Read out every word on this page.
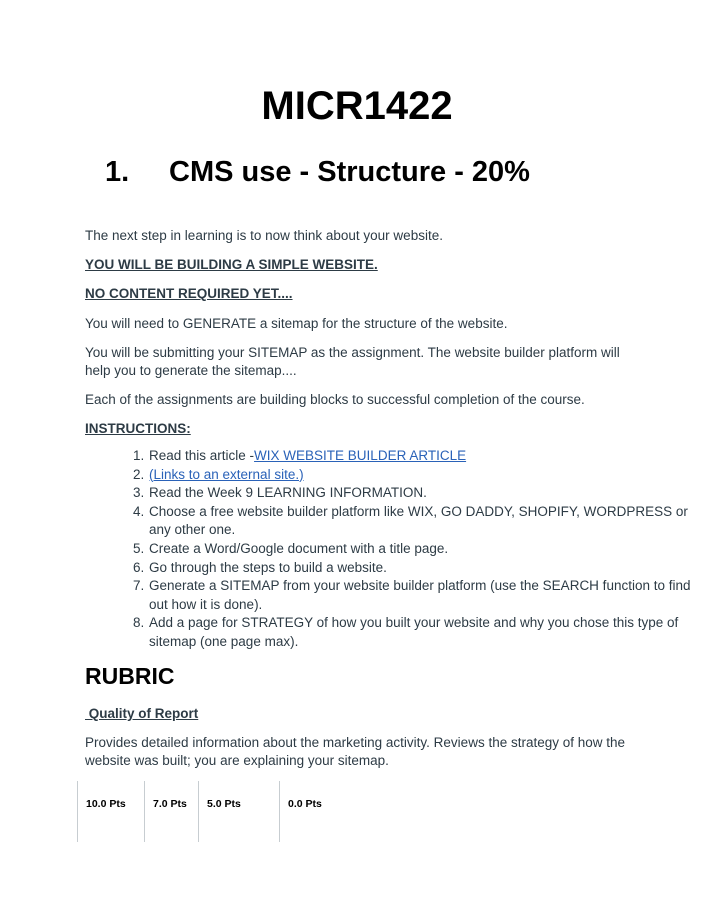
MICR1422
1. CMS use - Structure - 20%

The next step in learning is to now think about your website.

YOU WILL BE BUILDING A SIMPLE WEBSITE.

NO CONTENT REQUIRED YET....

You will need to GENERATE a sitemap for the structure of the website.

You will be submitting your SITEMAP as the assignment. The website builder platform will help you to generate the sitemap....

Each of the assignments are building blocks to successful completion of the course.

INSTRUCTIONS:

1. Read this article -WIX WEBSITE BUILDER ARTICLE
2. (Links to an external site.)
3. Read the Week 9 LEARNING INFORMATION.
4. Choose a free website builder platform like WIX, GO DADDY, SHOPIFY, WORDPRESS or any other one.
5. Create a Word/Google document with a title page.
6. Go through the steps to build a website.
7. Generate a SITEMAP from your website builder platform (use the SEARCH function to find out how it is done).
8. Add a page for STRATEGY of how you built your website and why you chose this type of sitemap (one page max).
RUBRIC

Quality of Report

Provides detailed information about the marketing activity. Reviews the strategy of how the website was built; you are explaining your sitemap.

10.0 Pts	7.0 Pts	5.0 Pts	0.0 Pts
